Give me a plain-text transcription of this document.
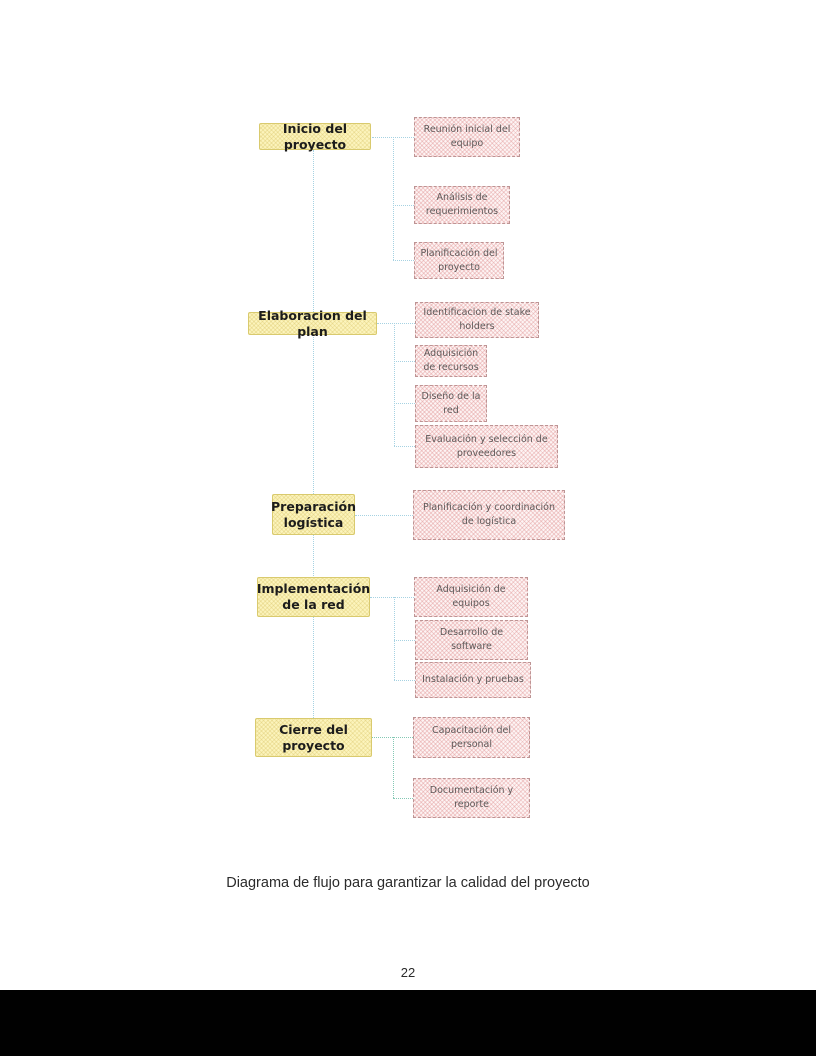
Inicio del proyecto
Reunión inicial del equipo
Análisis de requerimientos
Planificación del proyecto
Elaboracion del plan
Identificacion de stake holders
Adquisición de recursos
Diseño de la red
Evaluación y selección de proveedores
Preparación logística
Planificación y coordinación de logística
Implementación de la red
Adquisición de equipos
Desarrollo de software
Instalación y pruebas
Cierre del proyecto
Capacitación del personal
Documentación y reporte
Diagrama de flujo para garantizar la calidad del proyecto
22
